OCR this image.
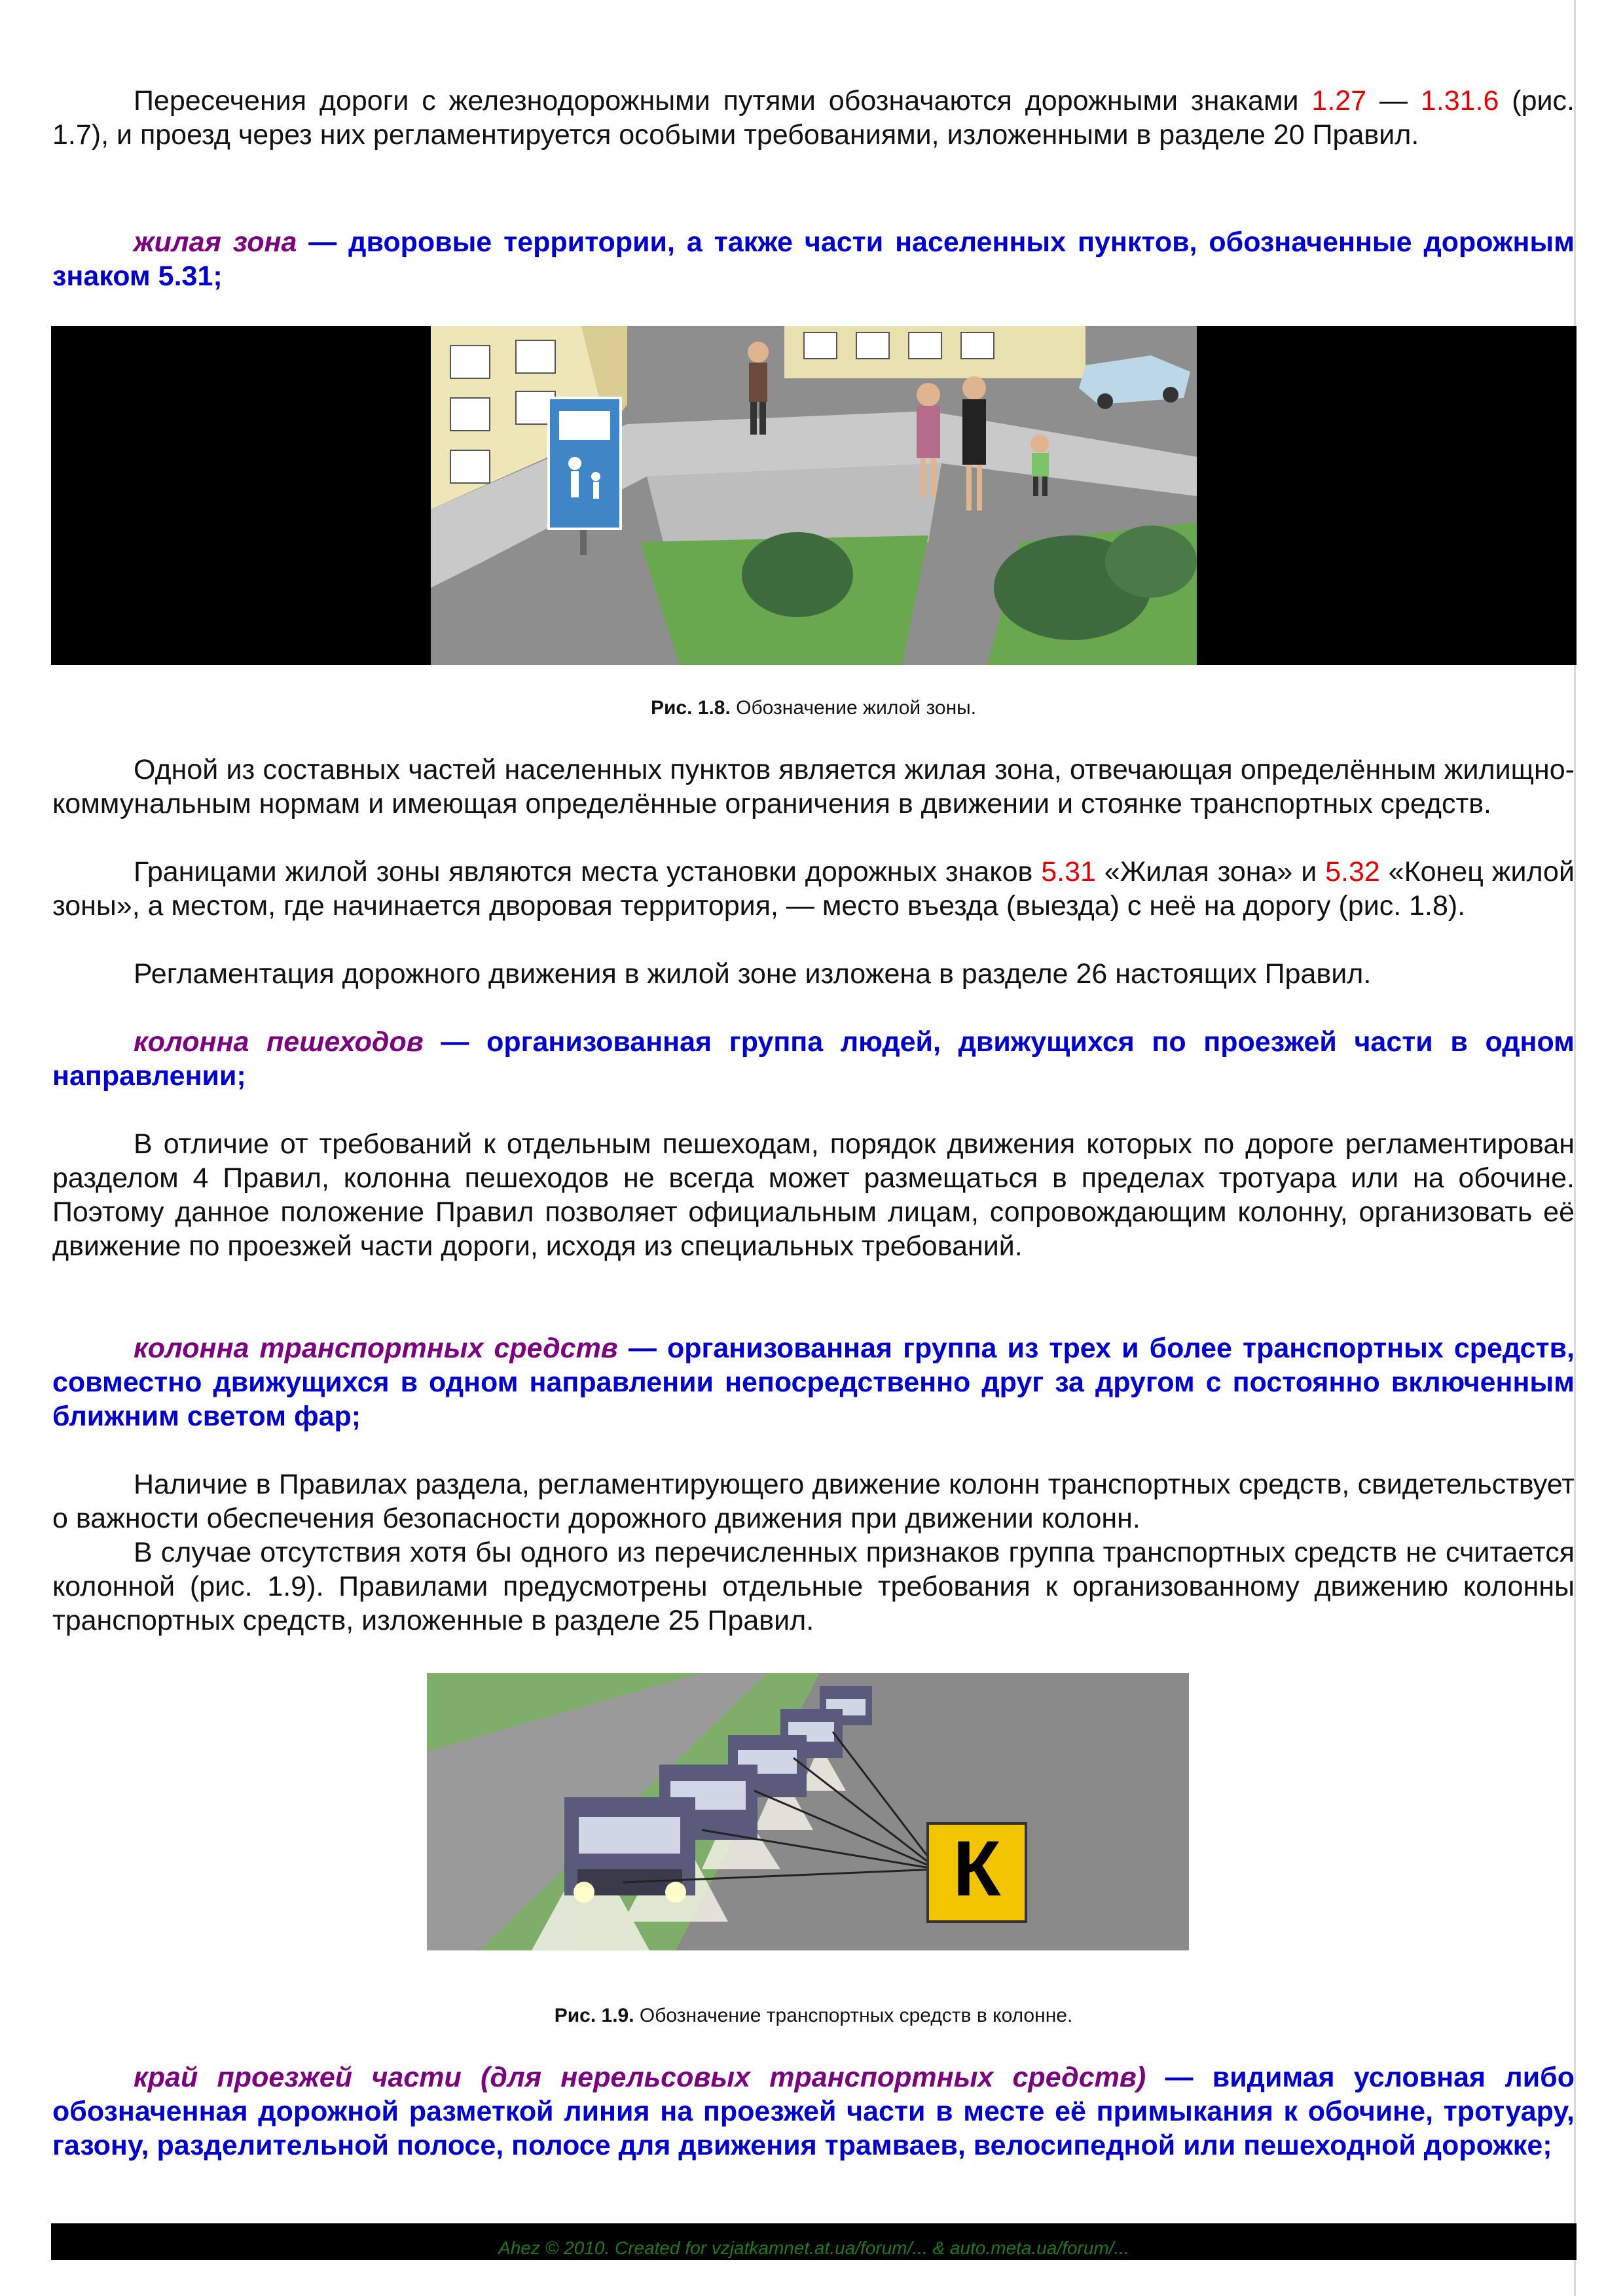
Пересечения дороги с железнодорожными путями обозначаются дорожными знаками 1.27 — 1.31.6 (рис. 1.7), и проезд через них регламентируется особыми требованиями, изложенными в разделе 20 Правил.
жилая зона — дворовые территории, а также части населенных пунктов, обозначенные дорожным знаком 5.31;
Рис. 1.8. Обозначение жилой зоны.
Одной из составных частей населенных пунктов является жилая зона, отвечающая определённым жилищно-коммунальным нормам и имеющая определённые ограничения в движении и стоянке транспортных средств.
Границами жилой зоны являются места установки дорожных знаков 5.31 «Жилая зона» и 5.32 «Конец жилой зоны», а местом, где начинается дворовая территория, — место въезда (выезда) с неё на дорогу (рис. 1.8).
Регламентация дорожного движения в жилой зоне изложена в разделе 26 настоящих Правил.
колонна пешеходов — организованная группа людей, движущихся по проезжей части в одном направлении;
В отличие от требований к отдельным пешеходам, порядок движения которых по дороге регламентирован разделом 4 Правил, колонна пешеходов не всегда может размещаться в пределах тротуара или на обочине. Поэтому данное положение Правил позволяет официальным лицам, сопровождающим колонну, организовать её движение по проезжей части дороги, исходя из специальных требований.
колонна транспортных средств — организованная группа из трех и более транспортных средств, совместно движущихся в одном направлении непосредственно друг за другом с постоянно включенным ближним светом фар;
Наличие в Правилах раздела, регламентирующего движение колонн транспортных средств, свидетельствует о важности обеспечения безопасности дорожного движения при движении колонн.
В случае отсутствия хотя бы одного из перечисленных признаков группа транспортных средств не считается колонной (рис. 1.9). Правилами предусмотрены отдельные требования к организованному движению колонны транспортных средств, изложенные в разделе 25 Правил.
К
Рис. 1.9. Обозначение транспортных средств в колонне.
край проезжей части (для нерельсовых транспортных средств) — видимая условная либо обозначенная дорожной разметкой линия на проезжей части в месте её примыкания к обочине, тротуару, газону, разделительной полосе, полосе для движения трамваев, велосипедной или пешеходной дорожке;
Ahez © 2010. Created for vzjatkamnet.at.ua/forum/... & auto.meta.ua/forum/...
